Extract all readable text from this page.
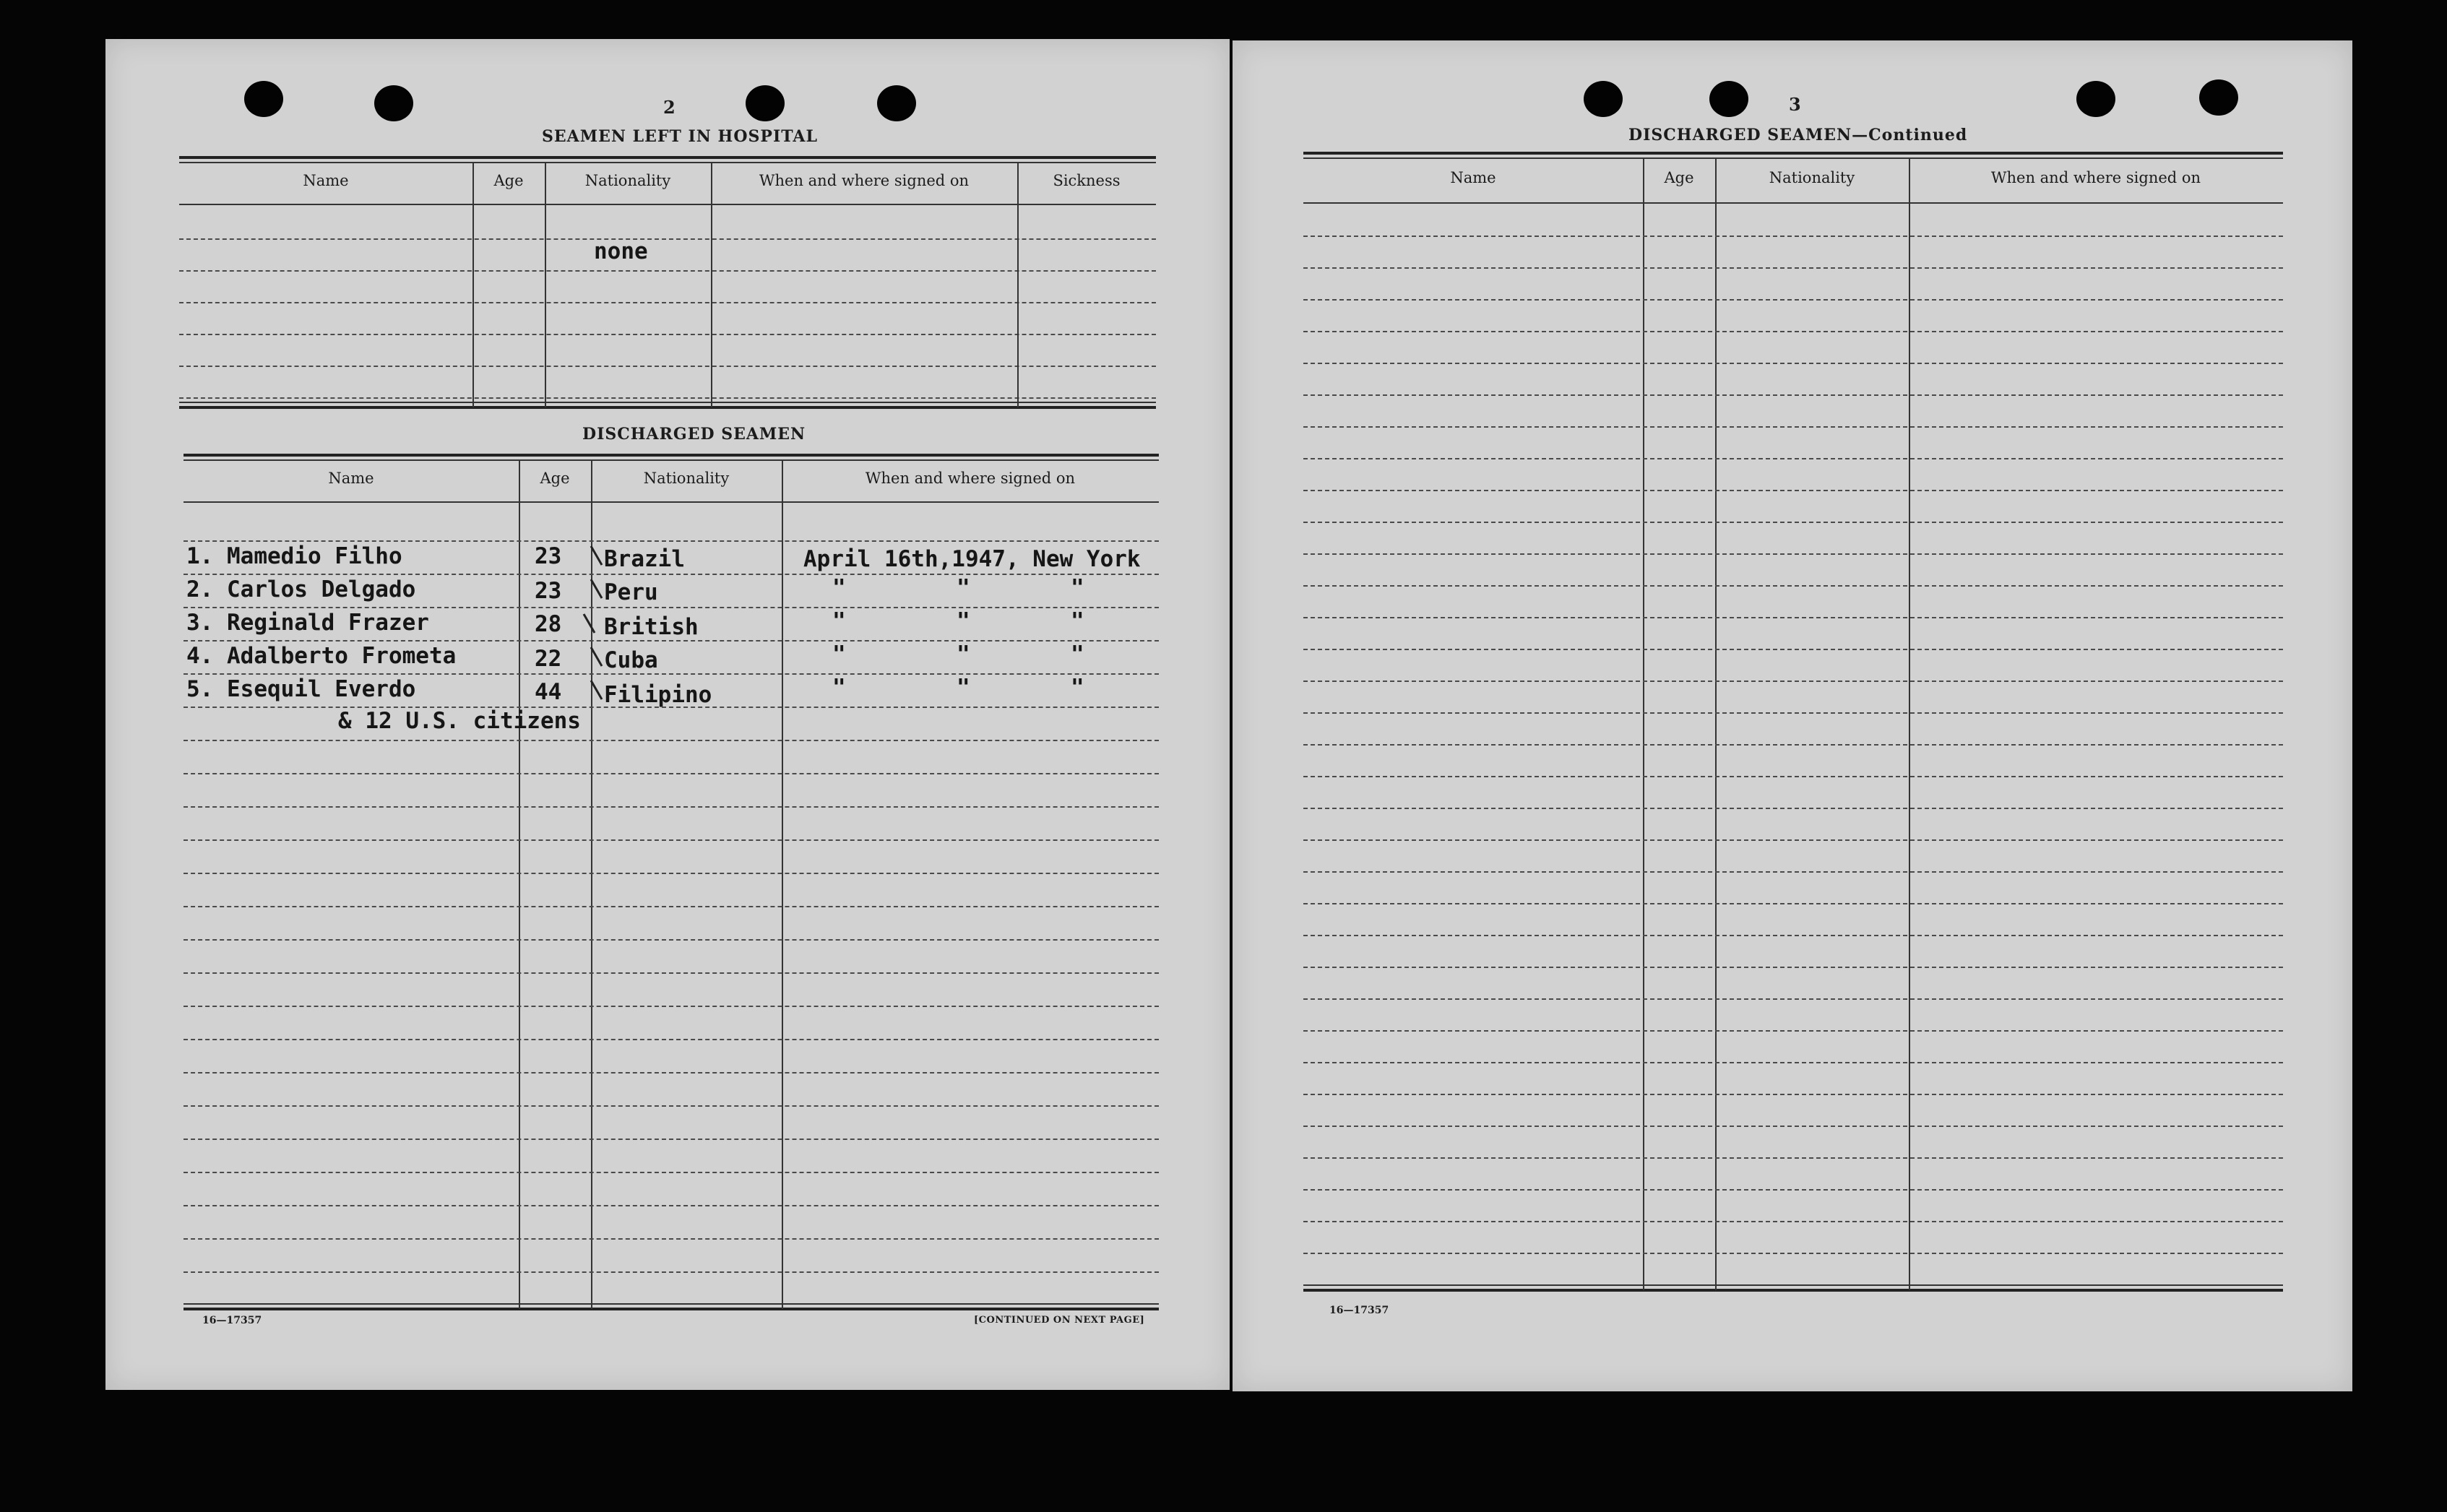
2
SEAMEN LEFT IN HOSPITAL
Name	Age	Nationality	When and where signed on	Sickness
none
DISCHARGED SEAMEN
Name	Age	Nationality	When and where signed on
1. Mamedio Filho	23 Brazil	April 16th,1947, New York
2. Carlos Delgado	23 Peru	"	"	"
3. Reginald Frazer	28 British	"	"	"
4. Adalberto Frometa	22 Cuba	"	"	"
5. Esequil Everdo	44 Filipino	"	"	"
& 12 U.S. citizens
16—17357	[CONTINUED ON NEXT PAGE]
3
DISCHARGED SEAMEN—Continued
Name	Age	Nationality	When and where signed on
16—17357
